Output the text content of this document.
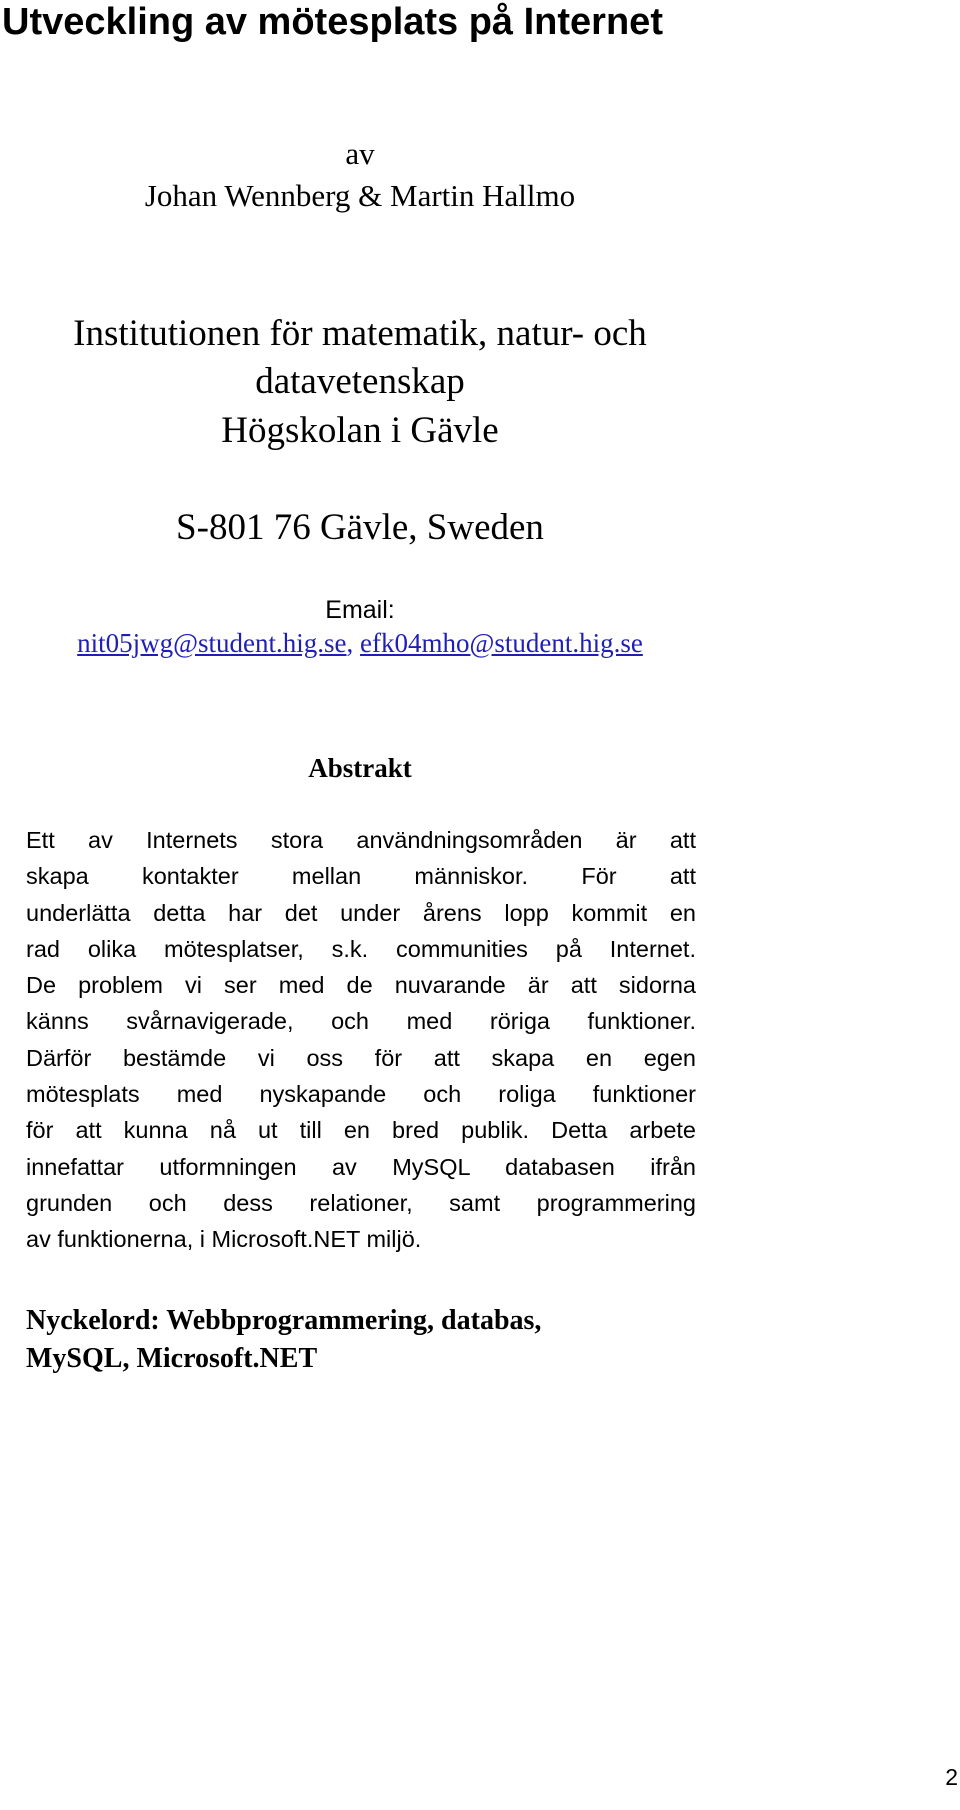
Utveckling av mötesplats på Internet
av
Johan Wennberg & Martin Hallmo
Institutionen för matematik, natur- och
datavetenskap
Högskolan i Gävle
S-801 76 Gävle, Sweden
Email:
nit05jwg@student.hig.se, efk04mho@student.hig.se
Abstrakt

Ett av Internets stora användningsområden är att
skapa kontakter mellan människor. För att
underlätta detta har det under årens lopp kommit en
rad olika mötesplatser, s.k. communities på Internet.
De problem vi ser med de nuvarande är att sidorna
känns svårnavigerade, och med röriga funktioner.
Därför bestämde vi oss för att skapa en egen
mötesplats med nyskapande och roliga funktioner
för att kunna nå ut till en bred publik. Detta arbete
innefattar utformningen av MySQL databasen ifrån
grunden och dess relationer, samt programmering
av funktionerna, i Microsoft.NET miljö.

Nyckelord: Webbprogrammering, databas,
MySQL, Microsoft.NET

2
